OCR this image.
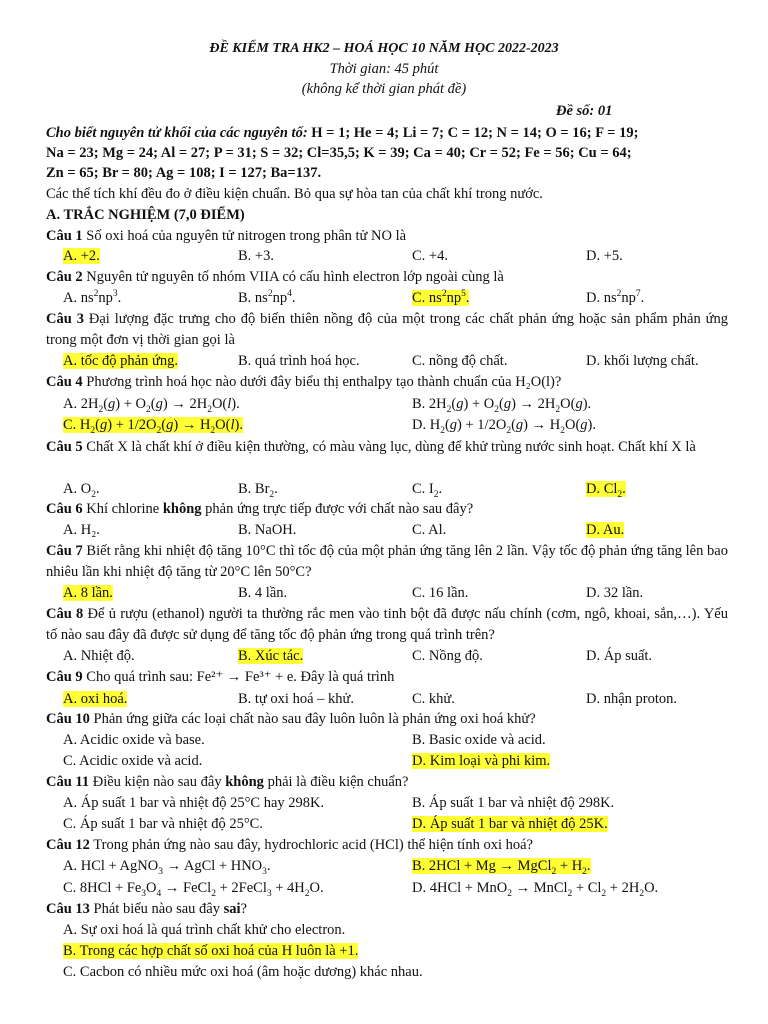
ĐỀ KIỂM TRA HK2 – HOÁ HỌC 10 NĂM HỌC 2022-2023
Thời gian: 45 phút
(không kể thời gian phát đề)
Đề số: 01
Cho biết nguyên tử khối của các nguyên tố: H = 1; He = 4; Li = 7; C = 12; N = 14; O = 16; F = 19;
Na = 23; Mg = 24; Al = 27; P = 31; S = 32; Cl=35,5; K = 39; Ca = 40; Cr = 52; Fe = 56; Cu = 64;
Zn = 65; Br = 80; Ag = 108; I = 127; Ba=137.
Các thể tích khí đều đo ở điều kiện chuẩn. Bỏ qua sự hòa tan của chất khí trong nước.
A. TRẮC NGHIỆM (7,0 ĐIỂM)
Câu 1 Số oxi hoá của nguyên tử nitrogen trong phân tử NO là
A. +2.	B. +3.	C. +4.	D. +5.
Câu 2 Nguyên tử nguyên tố nhóm VIIA có cấu hình electron lớp ngoài cùng là
A. $ns^2np^3$.	B. $ns^2np^4$.	C. $ns^2np^5$.	D. $ns^2np^7$.
Câu 3 Đại lượng đặc trưng cho độ biến thiên nồng độ của một trong các chất phản ứng hoặc sản phẩm phản ứng trong một đơn vị thời gian gọi là
A. tốc độ phản ứng.	B. quá trình hoá học.	C. nồng độ chất.	D. khối lượng chất.
Câu 4 Phương trình hoá học nào dưới đây biểu thị enthalpy tạo thành chuẩn của H₂O(l)?
A. $2H_2(g) + O_2(g) \to 2H_2O(l)$.	B. $2H_2(g) + O_2(g) \to 2H_2O(g)$.
C. $H_2(g) + 1/2O_2(g) \to H_2O(l)$.	D. $H_2(g) + 1/2O_2(g) \to H_2O(g)$.
Câu 5 Chất X là chất khí ở điều kiện thường, có màu vàng lục, dùng để khử trùng nước sinh hoạt. Chất khí X là
A. $O_2$.	B. $Br_2$.	C. $I_2$.	D. $Cl_2$.
Câu 6 Khí chlorine không phản ứng trực tiếp được với chất nào sau đây?
A. H₂.	B. NaOH.	C. Al.	D. Au.
Câu 7 Biết rằng khi nhiệt độ tăng 10°C thì tốc độ của một phản ứng tăng lên 2 lần. Vậy tốc độ phản ứng tăng lên bao nhiêu lần khi nhiệt độ tăng từ 20°C lên 50°C?
A. 8 lần.	B. 4 lần.	C. 16 lần.	D. 32 lần.
Câu 8 Để ủ rượu (ethanol) người ta thường rắc men vào tinh bột đã được nấu chính (cơm, ngô, khoai, sắn,…). Yếu tố nào sau đây đã được sử dụng để tăng tốc độ phản ứng trong quá trình trên?
A. Nhiệt độ.	B. Xúc tác.	C. Nồng độ.	D. Áp suất.
Câu 9 Cho quá trình sau: Fe²⁺ → Fe³⁺ + e. Đây là quá trình
A. oxi hoá.	B. tự oxi hoá – khử.	C. khử.	D. nhận proton.
Câu 10 Phản ứng giữa các loại chất nào sau đây luôn luôn là phản ứng oxi hoá khử?
A. Acidic oxide và base.	B. Basic oxide và acid.
C. Acidic oxide và acid.	D. Kim loại và phi kim.
Câu 11 Điều kiện nào sau đây không phải là điều kiện chuẩn?
A. Áp suất 1 bar và nhiệt độ 25°C hay 298K.	B. Áp suất 1 bar và nhiệt độ 298K.
C. Áp suất 1 bar và nhiệt độ 25°C.	D. Áp suất 1 bar và nhiệt độ 25K.
Câu 12 Trong phản ứng nào sau đây, hydrochloric acid (HCl) thể hiện tính oxi hoá?
A. HCl + AgNO$_3$ → AgCl + $HNO_3$.	B. 2HCl + Mg → MgCl$_2$ + $H_2$.
C. $8HCl + Fe_3O_4$ → FeCl$_2$ + 2FeCl$_3$ + $4H_2O$.	D. 4HCl + MnO$_2$ → MnCl$_2$ + $Cl_2 + 2H_2O$.
Câu 13 Phát biểu nào sau đây sai?
A. Sự oxi hoá là quá trình chất khử cho electron.
B. Trong các hợp chất số oxi hoá của H luôn là +1.
C. Cacbon có nhiều mức oxi hoá (âm hoặc dương) khác nhau.
